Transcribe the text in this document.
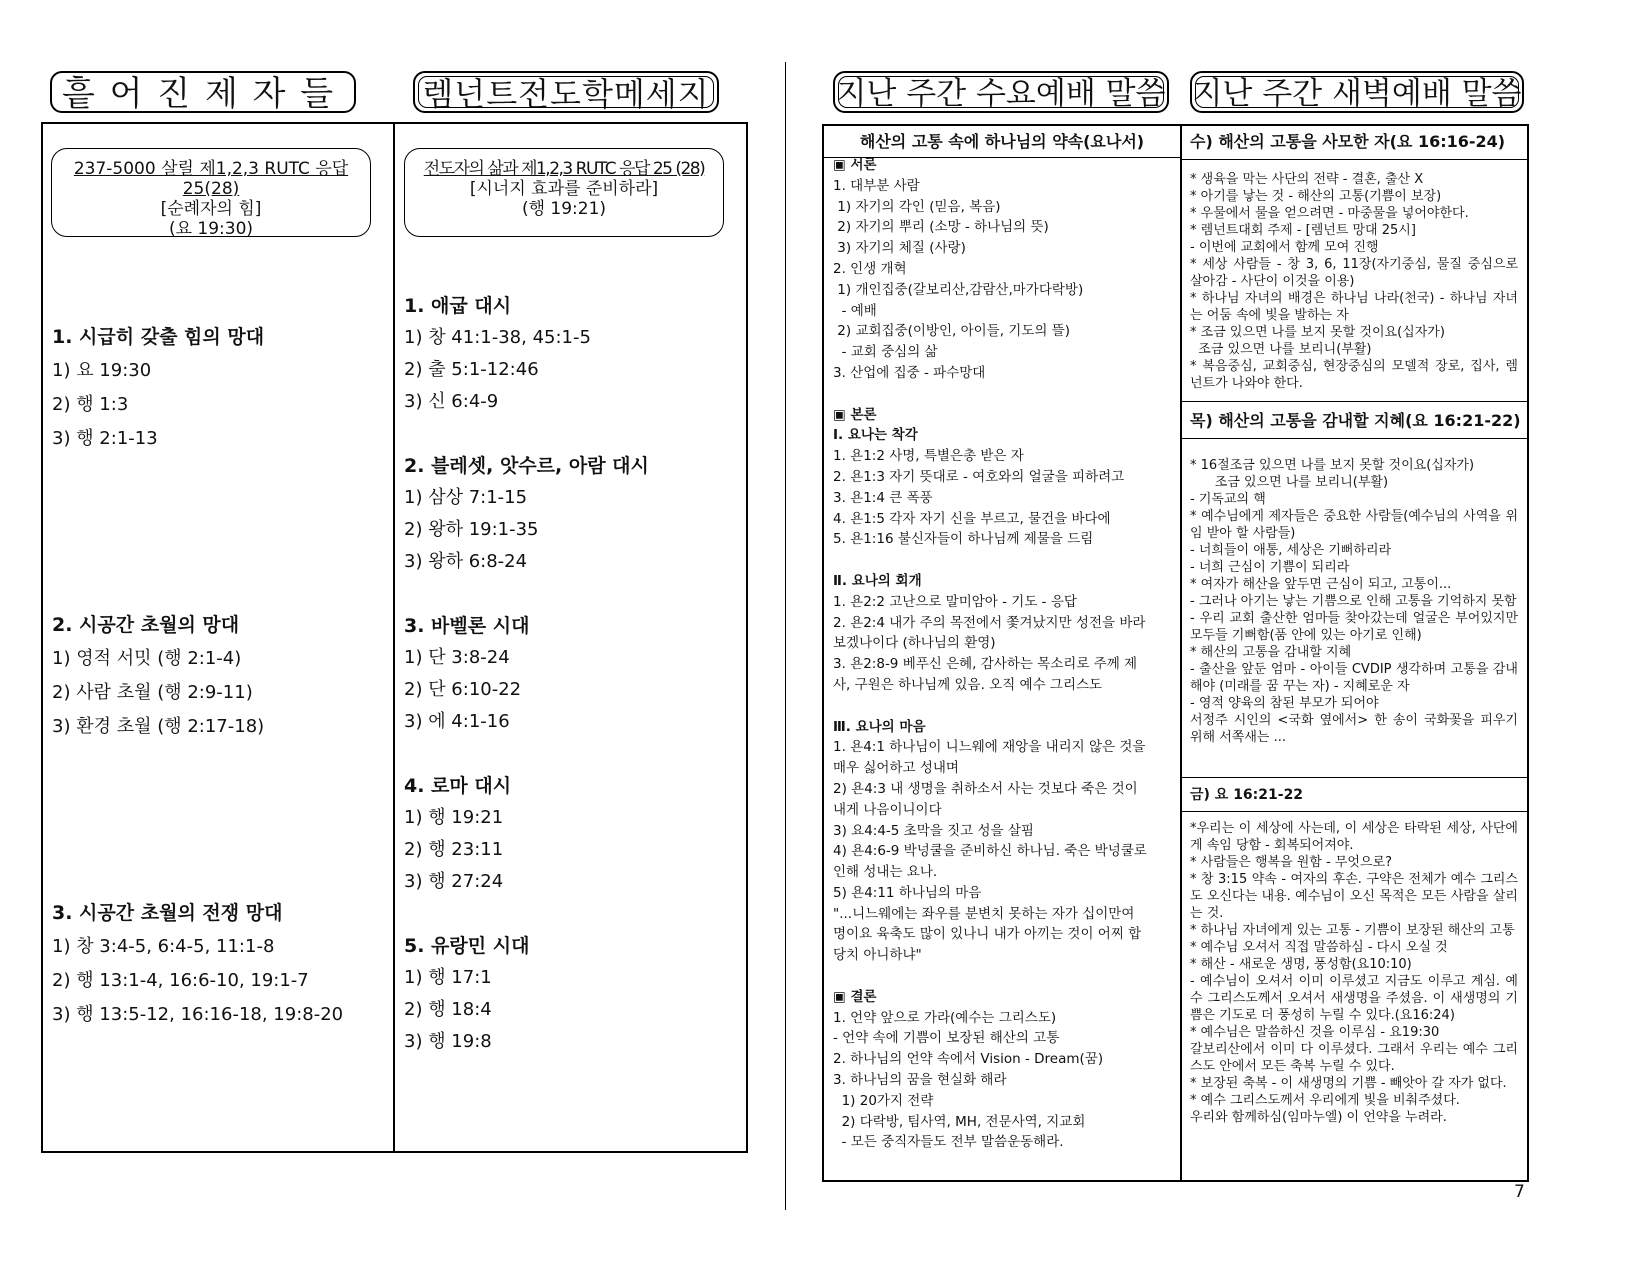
흩 어 진 제 자 들	렘넌트전도학메세지	지난 주간 수요예배 말씀 지난 주간 새벽예배 말씀
237-5000 살릴 제1,2,3 RUTC 응답 25(28)
[순례자의 힘]
(요 19:30)
전도자의 삶과 제1,2,3 RUTC 응답 25 (28)
[시너지 효과를 준비하라]
(행 19:21)
1. 시급히 갖출 힘의 망대
1) 요 19:30
2) 행 1:3
3) 행 2:1-13
2. 시공간 초월의 망대
1) 영적 서밋 (행 2:1-4)
2) 사람 초월 (행 2:9-11)
3) 환경 초월 (행 2:17-18)
3. 시공간 초월의 전쟁 망대
1) 창 3:4-5, 6:4-5, 11:1-8
2) 행 13:1-4, 16:6-10, 19:1-7
3) 행 13:5-12, 16:16-18, 19:8-20
1. 애굽 대시
1) 창 41:1-38, 45:1-5
2) 출 5:1-12:46
3) 신 6:4-9
2. 블레셋, 앗수르, 아람 대시
1) 삼상 7:1-15
2) 왕하 19:1-35
3) 왕하 6:8-24
3. 바벨론 시대
1) 단 3:8-24
2) 단 6:10-22
3) 에 4:1-16
4. 로마 대시
1) 행 19:21
2) 행 23:11
3) 행 27:24
5. 유랑민 시대
1) 행 17:1
2) 행 18:4
3) 행 19:8
해산의 고통 속에 하나님의 약속(요나서)

▣ 서론

1. 대부분 사람

1) 자기의 각인 (믿음, 복음)

2) 자기의 뿌리 (소망 - 하나님의 뜻)

3) 자기의 체질 (사랑)

2. 인생 개혁

1) 개인집중(갈보리산,감람산,마가다락방)

- 예배

2) 교회집중(이방인, 아이들, 기도의 뜰)

- 교회 중심의 삶

3. 산업에 집중 - 파수망대

▣ 본론

Ⅰ. 요나는 착각

1. 욘1:2 사명, 특별은총 받은 자

2. 욘1:3 자기 뜻대로 - 여호와의 얼굴을 피하려고

3. 욘1:4 큰 폭풍

4. 욘1:5 각자 자기 신을 부르고, 물건을 바다에

5. 욘1:16 불신자들이 하나님께 제물을 드림

Ⅱ. 요나의 회개

1. 욘2:2 고난으로 말미암아 - 기도 - 응답

2. 욘2:4 내가 주의 목전에서 쫓겨났지만 성전을 바라

보겠나이다 (하나님의 환영)

3. 욘2:8-9 베푸신 은혜, 감사하는 목소리로 주께 제

사, 구원은 하나님께 있음. 오직 예수 그리스도

Ⅲ. 요나의 마음

1. 욘4:1 하나님이 니느웨에 재앙을 내리지 않은 것을

매우 싫어하고 성내며

2) 욘4:3 내 생명을 취하소서 사는 것보다 죽은 것이

내게 나음이니이다

3) 요4:4-5 초막을 짓고 성을 살핌

4) 욘4:6-9 박넝쿨을 준비하신 하나님. 죽은 박넝쿨로

인해 성내는 요나.

5) 욘4:11 하나님의 마음

"...니느웨에는 좌우를 분변치 못하는 자가 십이만여

명이요 육축도 많이 있나니 내가 아끼는 것이 어찌 합

당치 아니하냐"

▣ 결론

1. 언약 앞으로 가라(예수는 그리스도)

- 언약 속에 기쁨이 보장된 해산의 고통

2. 하나님의 언약 속에서 Vision - Dream(꿈)

3. 하나님의 꿈을 현실화 해라

1) 20가지 전략

2) 다락방, 팀사역, MH, 전문사역, 지교회

- 모든 중직자들도 전부 말씀운동해라.

수) 해산의 고통을 사모한 자(요 16:16-24)

* 생육을 막는 사단의 전략 - 결혼, 출산 X

* 아기를 낳는 것 - 해산의 고통(기쁨이 보장)

* 우물에서 물을 얻으려면 - 마중물을 넣어야한다.

* 렘넌트대회 주제 - [렘넌트 망대 25시]

- 이번에 교회에서 함께 모여 진행

* 세상 사람들 - 창 3, 6, 11장(자기중심, 물질 중심으로 살아감 - 사단이 이것을 이용)

* 하나님 자녀의 배경은 하나님 나라(천국) - 하나님 자녀는 어둠 속에 빛을 발하는 자

* 조금 있으면 나를 보지 못할 것이요(십자가)

조금 있으면 나를 보리니(부활)

* 복음중심, 교회중심, 현장중심의 모델적 장로, 집사, 렘넌트가 나와야 한다.

목) 해산의 고통을 감내할 지혜(요 16:21-22)

* 16절조금 있으면 나를 보지 못할 것이요(십자가)

조금 있으면 나를 보리니(부활)

- 기독교의 핵

* 예수님에게 제자들은 중요한 사람들(예수님의 사역을 위임 받아 할 사람들)

- 너희들이 애통, 세상은 기뻐하리라

- 너희 근심이 기쁨이 되리라

* 여자가 해산을 앞두면 근심이 되고, 고통이...

- 그러나 아기는 낳는 기쁨으로 인해 고통을 기억하지 못함

- 우리 교회 출산한 엄마들 찾아갔는데 얼굴은 부어있지만 모두들 기뻐함(품 안에 있는 아기로 인해)

* 해산의 고통을 감내할 지혜

- 출산을 앞둔 엄마 - 아이들 CVDIP 생각하며 고통을 감내해야 (미래를 꿈 꾸는 자) - 지혜로운 자

- 영적 양육의 참된 부모가 되어야

서정주 시인의 <국화 옆에서> 한 송이 국화꽃을 피우기 위해 서쪽새는 ...

금) 요 16:21-22

*우리는 이 세상에 사는데, 이 세상은 타락된 세상, 사단에게 속임 당함 - 회복되어져야.

* 사람들은 행복을 원함 - 무엇으로?

* 창 3:15 약속 - 여자의 후손. 구약은 전체가 예수 그리스도 오신다는 내용. 예수님이 오신 목적은 모든 사람을 살리는 것.

* 하나님 자녀에게 있는 고통 - 기쁨이 보장된 해산의 고통

* 예수님 오셔서 직접 말씀하심 - 다시 오실 것

* 해산 - 새로운 생명, 풍성함(요10:10)

- 예수님이 오셔서 이미 이루셨고 지금도 이루고 계심. 예수 그리스도께서 오셔서 새생명을 주셨음. 이 새생명의 기쁨은 기도로 더 풍성히 누릴 수 있다.(요16:24)

* 예수님은 말씀하신 것을 이루심 - 요19:30

갈보리산에서 이미 다 이루셨다. 그래서 우리는 예수 그리스도 안에서 모든 축복 누릴 수 있다.

* 보장된 축복 - 이 새생명의 기쁨 - 빼앗아 갈 자가 없다.

* 예수 그리스도께서 우리에게 빛을 비춰주셨다.

우리와 함께하심(임마누엘) 이 언약을 누려라.

7
